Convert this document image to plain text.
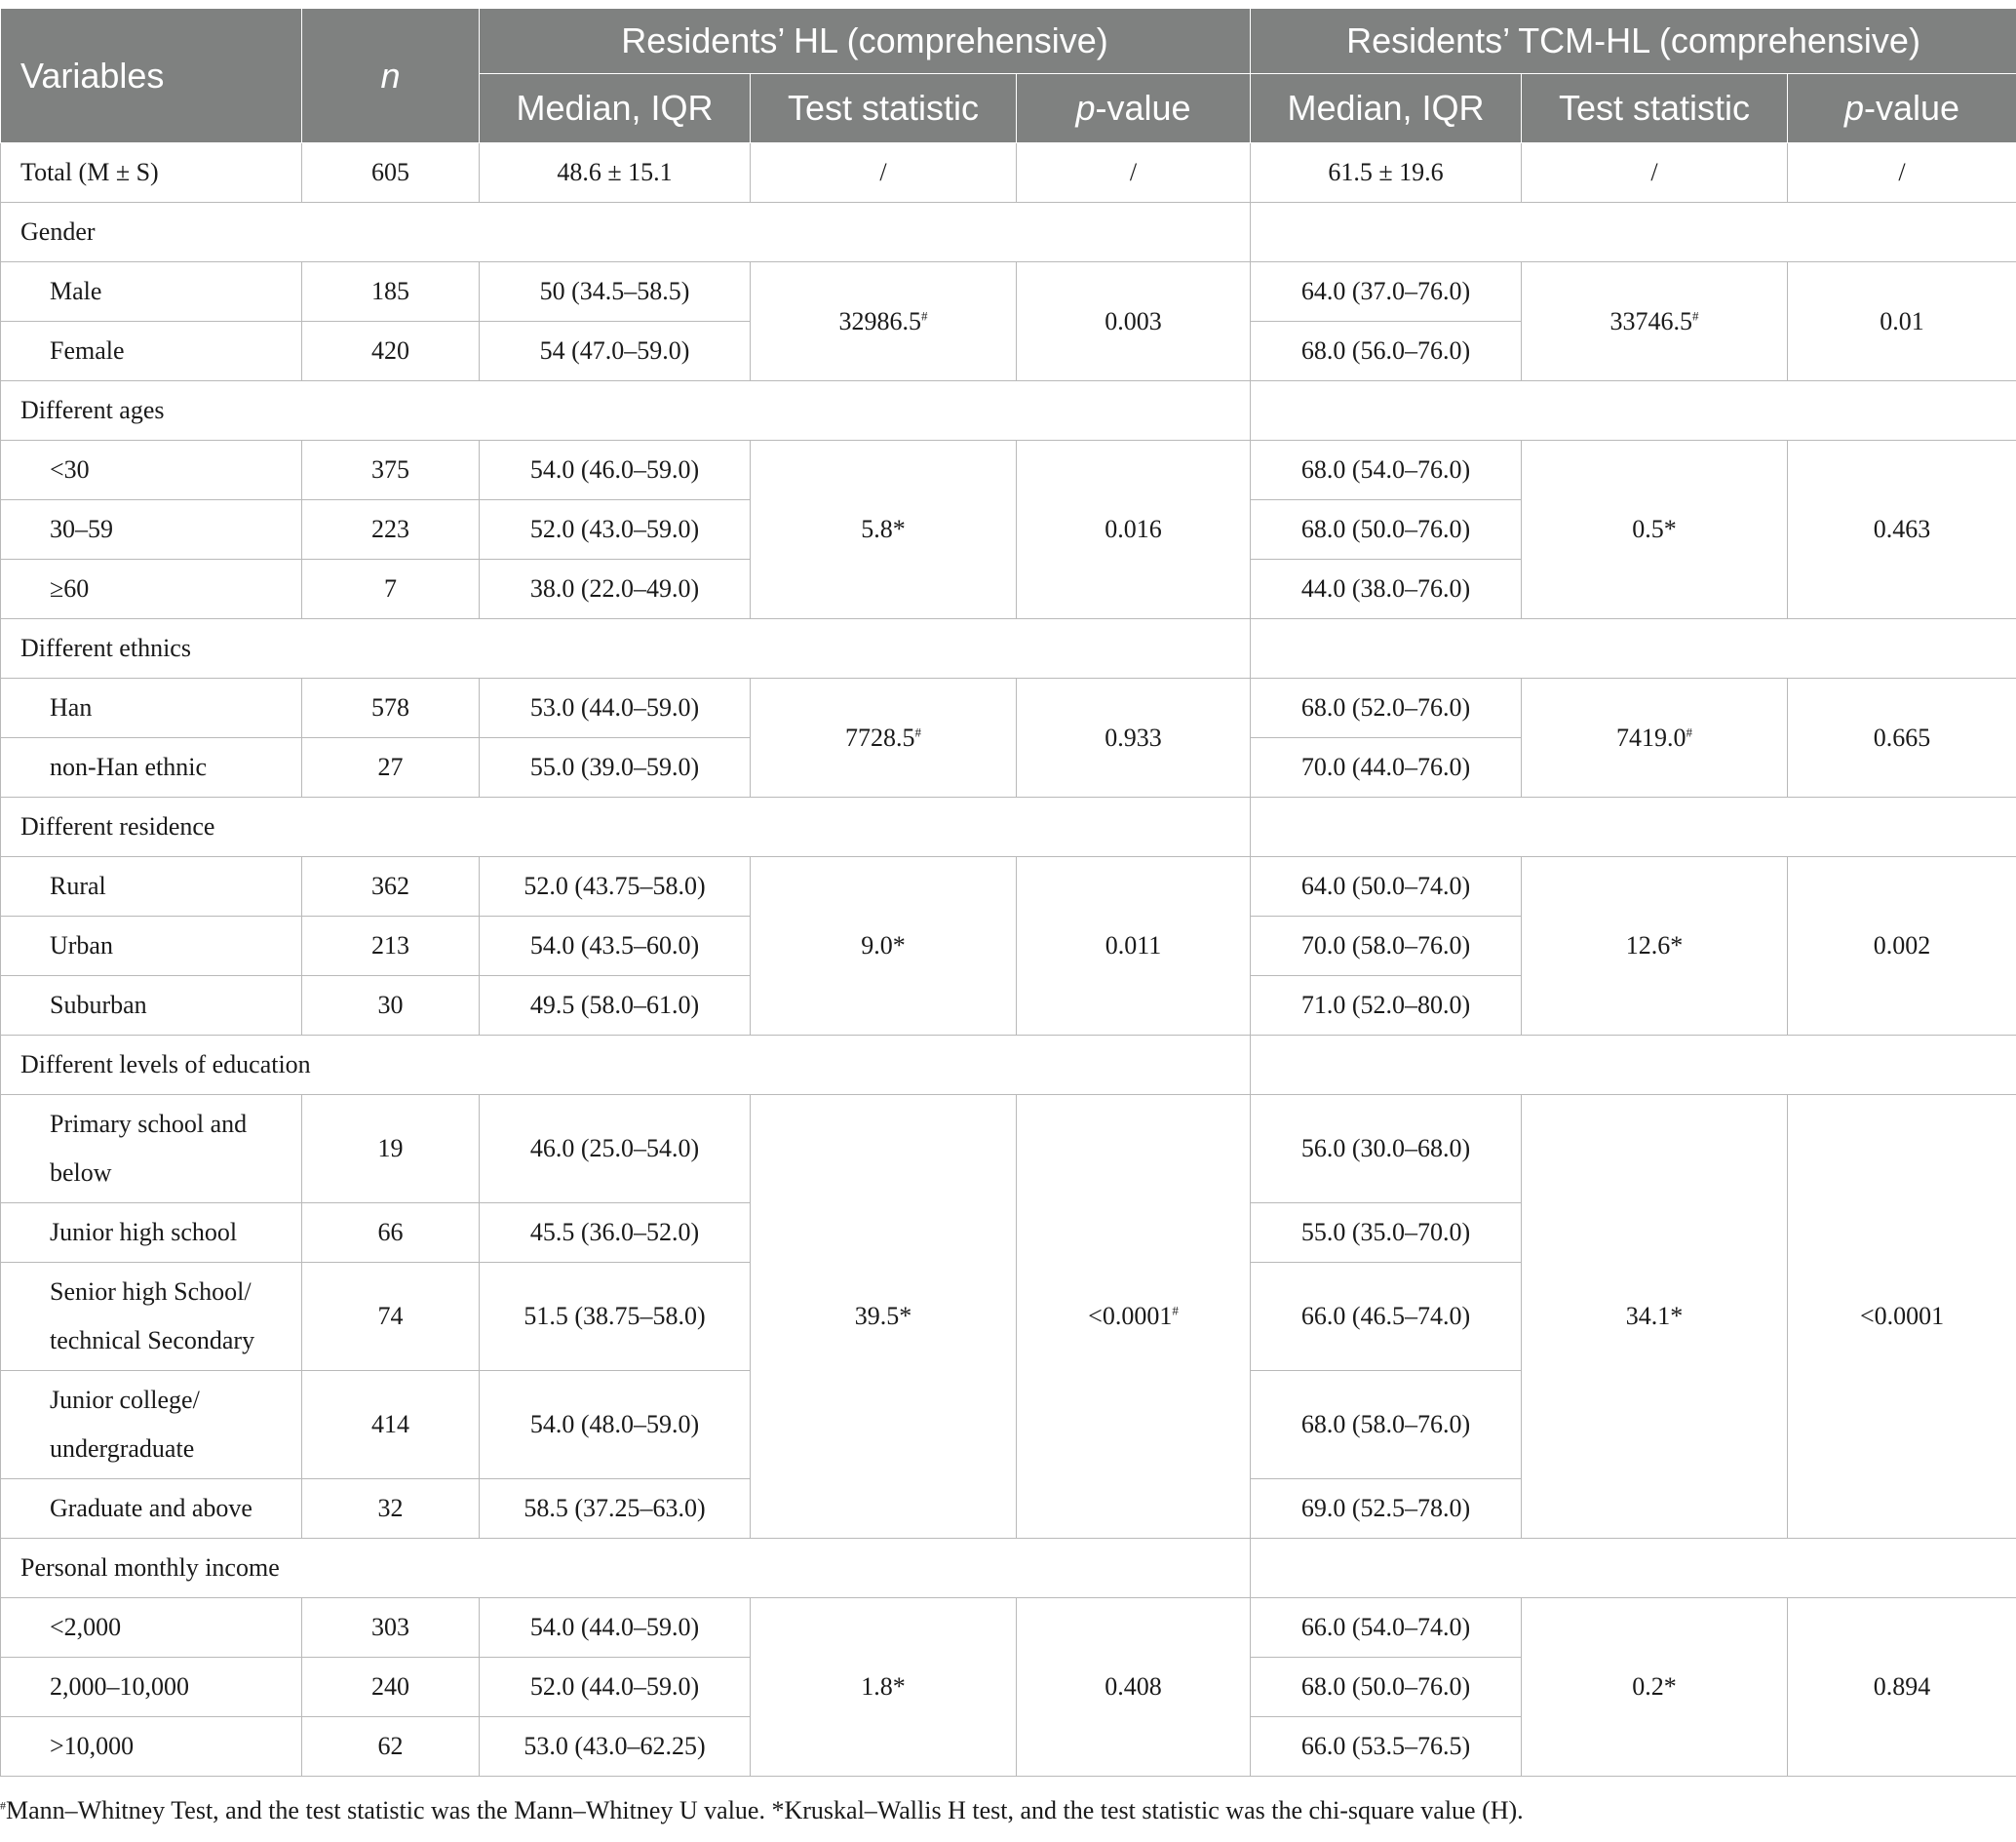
Variables	n	Residents’ HL (comprehensive)			Residents’ TCM-HL (comprehensive)		
		Median, IQR	Test statistic	p-value	Median, IQR	Test statistic	p-value
Total (M ± S)	605	48.6 ± 15.1	/	/	61.5 ± 19.6	/	/
Gender							
Male	185	50 (34.5–58.5)	32986.5#	0.003	64.0 (37.0–76.0)	33746.5#	0.01
Female	420	54 (47.0–59.0)			68.0 (56.0–76.0)		
Different ages							
<30	375	54.0 (46.0–59.0)	5.8*	0.016	68.0 (54.0–76.0)	0.5*	0.463
30–59	223	52.0 (43.0–59.0)			68.0 (50.0–76.0)		
≥60	7	38.0 (22.0–49.0)			44.0 (38.0–76.0)		
Different ethnics							
Han	578	53.0 (44.0–59.0)	7728.5#	0.933	68.0 (52.0–76.0)	7419.0#	0.665
non-Han ethnic	27	55.0 (39.0–59.0)			70.0 (44.0–76.0)		
Different residence							
Rural	362	52.0 (43.75–58.0)	9.0*	0.011	64.0 (50.0–74.0)	12.6*	0.002
Urban	213	54.0 (43.5–60.0)			70.0 (58.0–76.0)		
Suburban	30	49.5 (58.0–61.0)			71.0 (52.0–80.0)		
Different levels of education							
Primary school and below	19	46.0 (25.0–54.0)	39.5*	<0.0001#	56.0 (30.0–68.0)	34.1*	<0.0001
Junior high school	66	45.5 (36.0–52.0)			55.0 (35.0–70.0)		
Senior high School/ technical Secondary	74	51.5 (38.75–58.0)			66.0 (46.5–74.0)		
Junior college/ undergraduate	414	54.0 (48.0–59.0)			68.0 (58.0–76.0)		
Graduate and above	32	58.5 (37.25–63.0)			69.0 (52.5–78.0)		
Personal monthly income							
<2,000	303	54.0 (44.0–59.0)	1.8*	0.408	66.0 (54.0–74.0)	0.2*	0.894
2,000–10,000	240	52.0 (44.0–59.0)			68.0 (50.0–76.0)		
>10,000	62	53.0 (43.0–62.25)			66.0 (53.5–76.5)		
#Mann–Whitney Test, and the test statistic was the Mann–Whitney U value. *Kruskal–Wallis H test, and the test statistic was the chi-square value (H).
